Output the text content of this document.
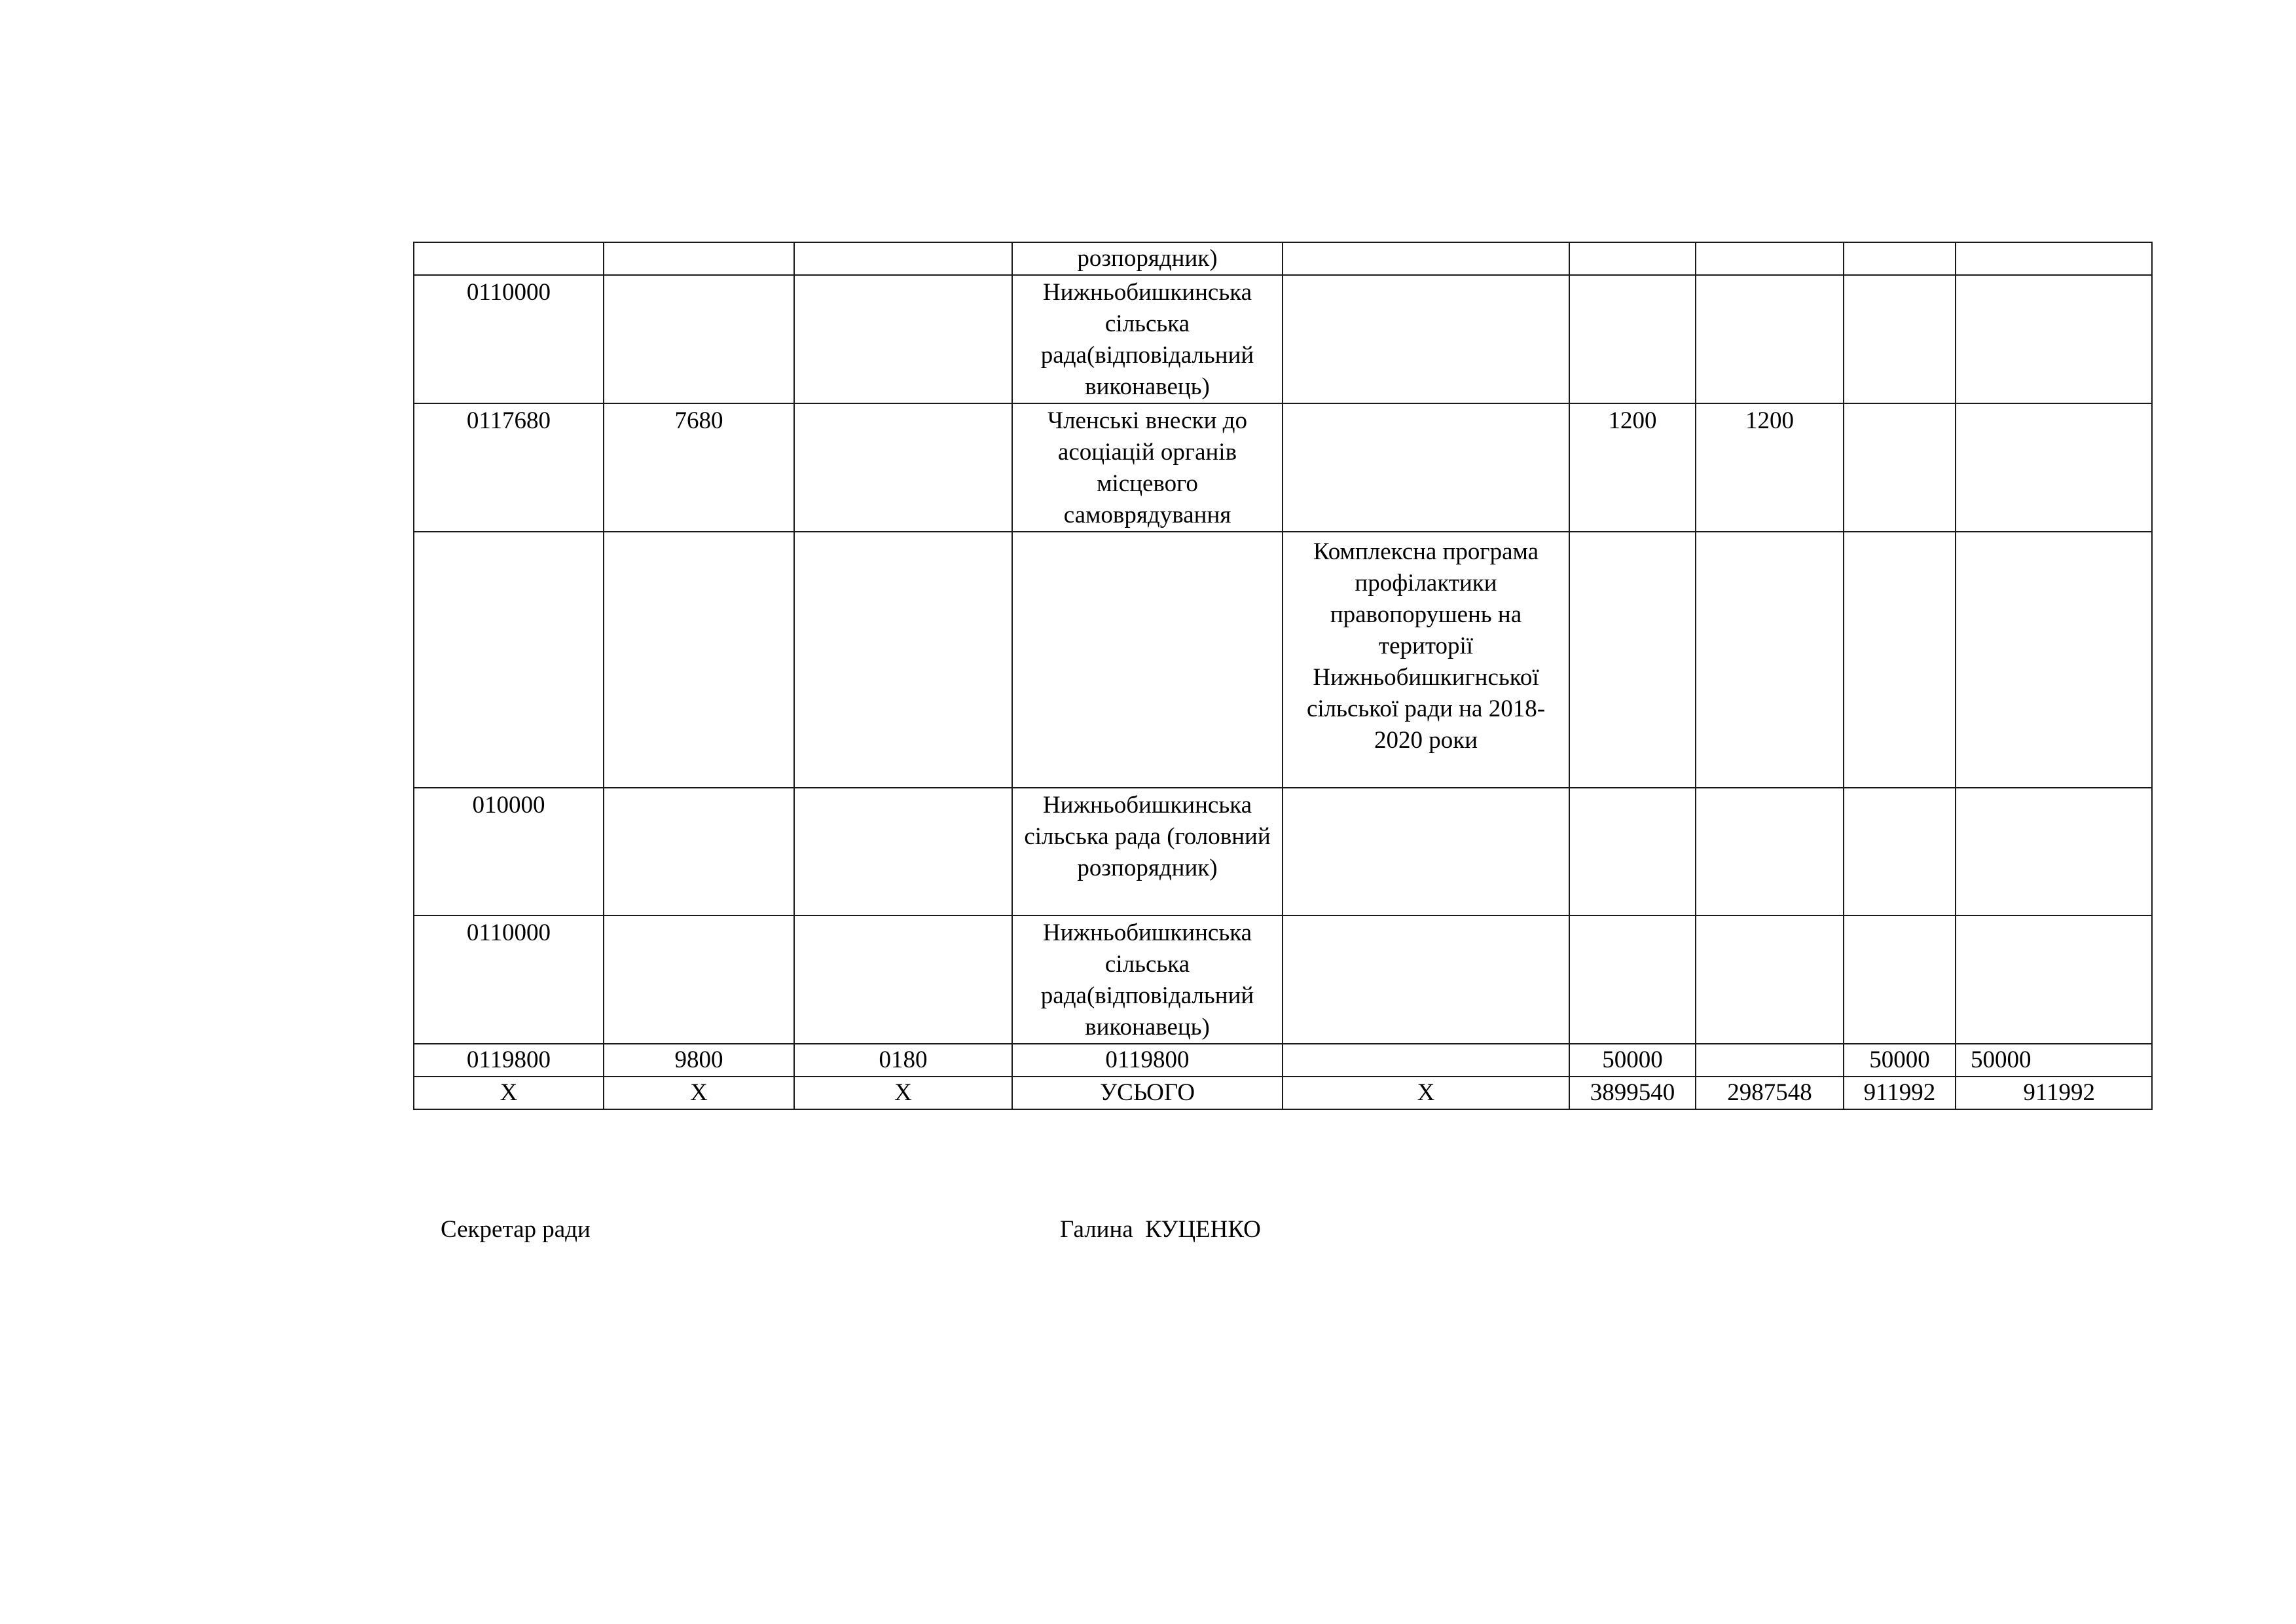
			розпорядник)					
0110000			Нижньобишкинська сільська рада(відповідальний виконавець)					
0117680	7680		Членські внески до асоціацій органів місцевого самоврядування		1200	1200		
				Комплексна програма профілактики правопорушень на території Нижньобишкигнської сільської ради на 2018-2020 роки				
010000			Нижньобишкинська сільська рада (головний розпорядник)					
0110000			Нижньобишкинська сільська рада(відповідальний виконавець)					
0119800	9800	0180	0119800		50000		50000	50000
Х	Х	Х	УСЬОГО	Х	3899540	2987548	911992	911992
Секретар ради	Галина  КУЦЕНКО
